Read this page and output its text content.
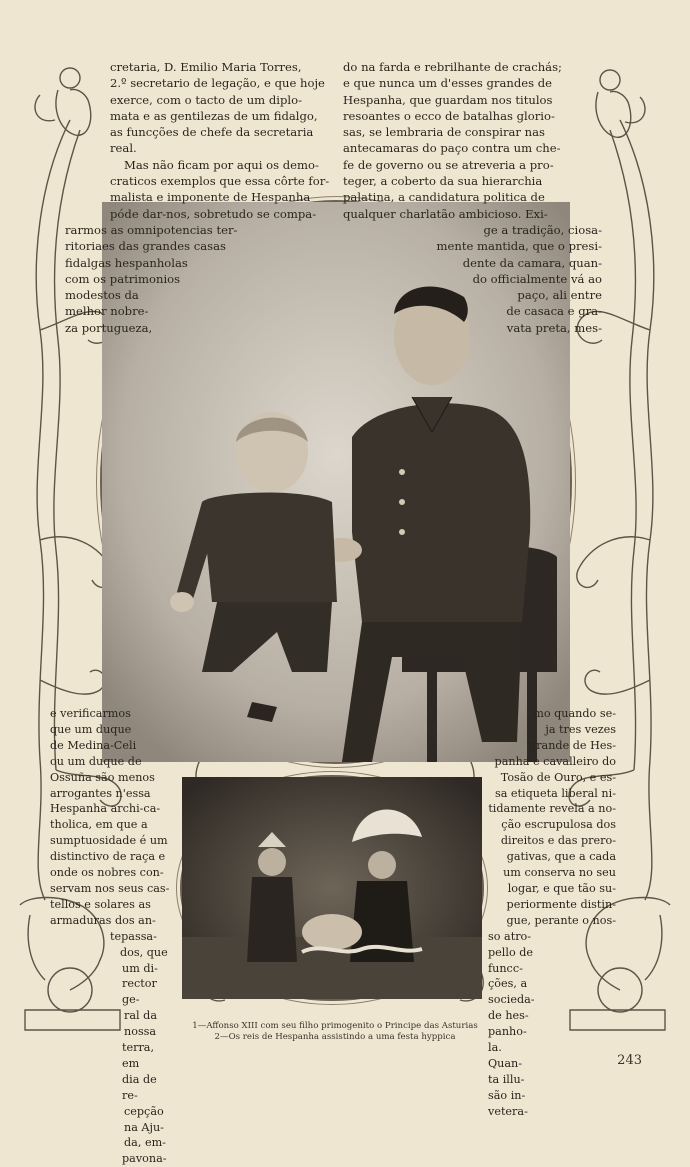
cretaria, D. Emilio Maria Torres,

2.º secretario de legação, e que hoje

exerce, com o tacto de um diplo-

mata e as gentilezas de um fidalgo,

as funcções de chefe da secretaria

real.

Mas não ficam por aqui os demo-

craticos exemplos que essa côrte for-

malista e imponente de Hespanha

póde dar-nos, sobretudo se compa-

rarmos as omnipotencias ter-

ritoriaes das grandes casas

fidalgas hespanholas

com os patrimonios

modestos da

melhor nobre-

za portugueza,

do na farda e rebrilhante de crachás;

e que nunca um d'esses grandes de

Hespanha, que guardam nos titulos

resoantes o ecco de batalhas glorio-

sas, se lembraria de conspirar nas

antecamaras do paço contra um che-

fe de governo ou se atreveria a pro-

teger, a coberto da sua hierarchia

palatina, a candidatura politica de

qualquer charlatão ambicioso. Exi-

ge a tradição, ciosa-

mente mantida, que o presi-

dente da camara, quan-

do officialmente vá ao

paço, ali entre

de casaca e gra-

vata preta, mes-

e verificarmos

que um duque

de Medina-Celi

ou um duque de

Ossuña são menos

arrogantes n'essa

Hespanha archi-ca-

tholica, em que a

sumptuosidade é um

distinctivo de raça e

onde os nobres con-

servam nos seus cas-

tellos e solares as

armaduras dos an-

tepassa-

dos, que

um di-

rector ge-

ral da

nossa

terra, em

dia de re-

cepção

na Aju-

da, em-

pavona-

mo quando se-

ja tres vezes

grande de Hes-

panha e cavalleiro do

Tosão de Ouro, e es-

sa etiqueta liberal ni-

tidamente revela a no-

ção escrupulosa dos

direitos e das prero-

gativas, que a cada

um conserva no seu

logar, e que tão su-

periormente distin-

gue, perante o nos-

so atro-

pello de

funcc-

ções, a

socieda-

de hes-

panho-

la.

Quan-

ta illu-

são in-

vetera-

1—Affonso XIII com seu filho primogenito o Principe das Asturias
2—Os reis de Hespanha assistindo a uma festa hyppica
243
